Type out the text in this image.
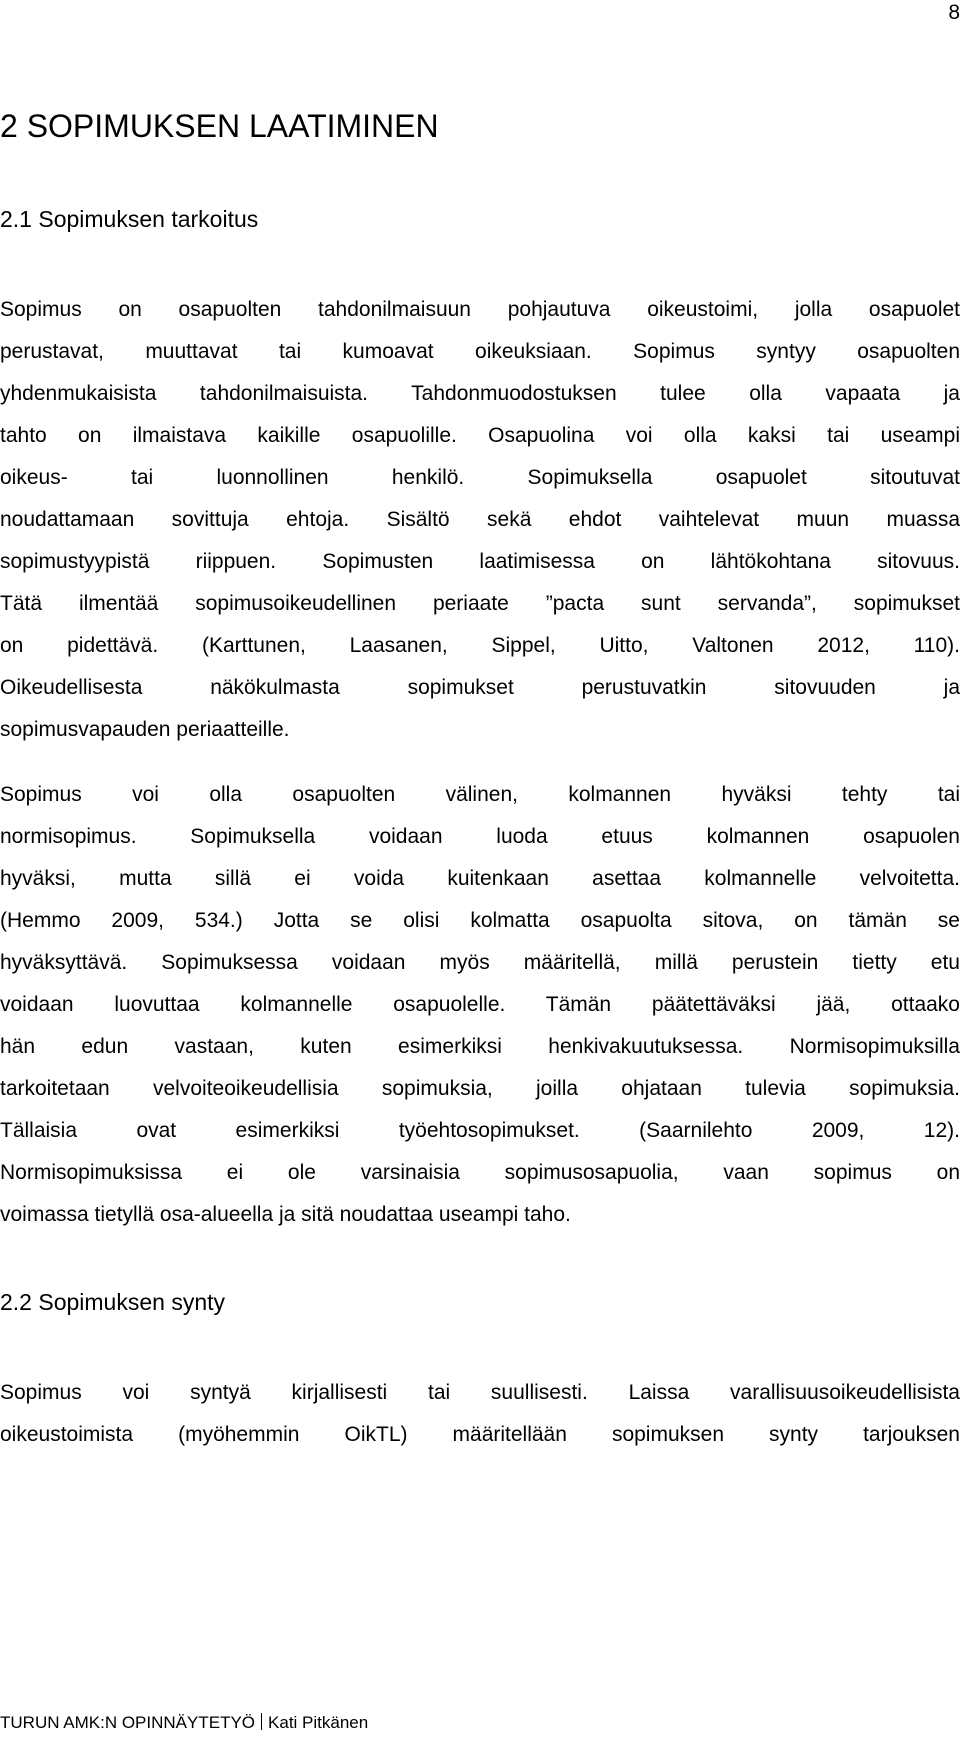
8
2 SOPIMUKSEN LAATIMINEN
2.1 Sopimuksen tarkoitus

Sopimus on osapuolten tahdonilmaisuun pohjautuva oikeustoimi, jolla osapuolet

perustavat, muuttavat tai kumoavat oikeuksiaan. Sopimus syntyy osapuolten

yhdenmukaisista tahdonilmaisuista. Tahdonmuodostuksen tulee olla vapaata ja

tahto on ilmaistava kaikille osapuolille. Osapuolina voi olla kaksi tai useampi

oikeus- tai luonnollinen henkilö. Sopimuksella osapuolet sitoutuvat

noudattamaan sovittuja ehtoja. Sisältö sekä ehdot vaihtelevat muun muassa

sopimustyypistä riippuen. Sopimusten laatimisessa on lähtökohtana sitovuus.

Tätä ilmentää sopimusoikeudellinen periaate ”pacta sunt servanda”, sopimukset

on pidettävä. (Karttunen, Laasanen, Sippel, Uitto, Valtonen 2012, 110).

Oikeudellisesta näkökulmasta sopimukset perustuvatkin sitovuuden ja

sopimusvapauden periaatteille.

Sopimus voi olla osapuolten välinen, kolmannen hyväksi tehty tai

normisopimus. Sopimuksella voidaan luoda etuus kolmannen osapuolen

hyväksi, mutta sillä ei voida kuitenkaan asettaa kolmannelle velvoitetta.

(Hemmo 2009, 534.) Jotta se olisi kolmatta osapuolta sitova, on tämän se

hyväksyttävä. Sopimuksessa voidaan myös määritellä, millä perustein tietty etu

voidaan luovuttaa kolmannelle osapuolelle. Tämän päätettäväksi jää, ottaako

hän edun vastaan, kuten esimerkiksi henkivakuutuksessa. Normisopimuksilla

tarkoitetaan velvoiteoikeudellisia sopimuksia, joilla ohjataan tulevia sopimuksia.

Tällaisia ovat esimerkiksi työehtosopimukset. (Saarnilehto 2009, 12).

Normisopimuksissa ei ole varsinaisia sopimusosapuolia, vaan sopimus on

voimassa tietyllä osa-alueella ja sitä noudattaa useampi taho.

2.2 Sopimuksen synty

Sopimus voi syntyä kirjallisesti tai suullisesti. Laissa varallisuusoikeudellisista

oikeustoimista (myöhemmin OikTL) määritellään sopimuksen synty tarjouksen

TURUN AMK:N OPINNÄYTETYÖ Kati Pitkänen
